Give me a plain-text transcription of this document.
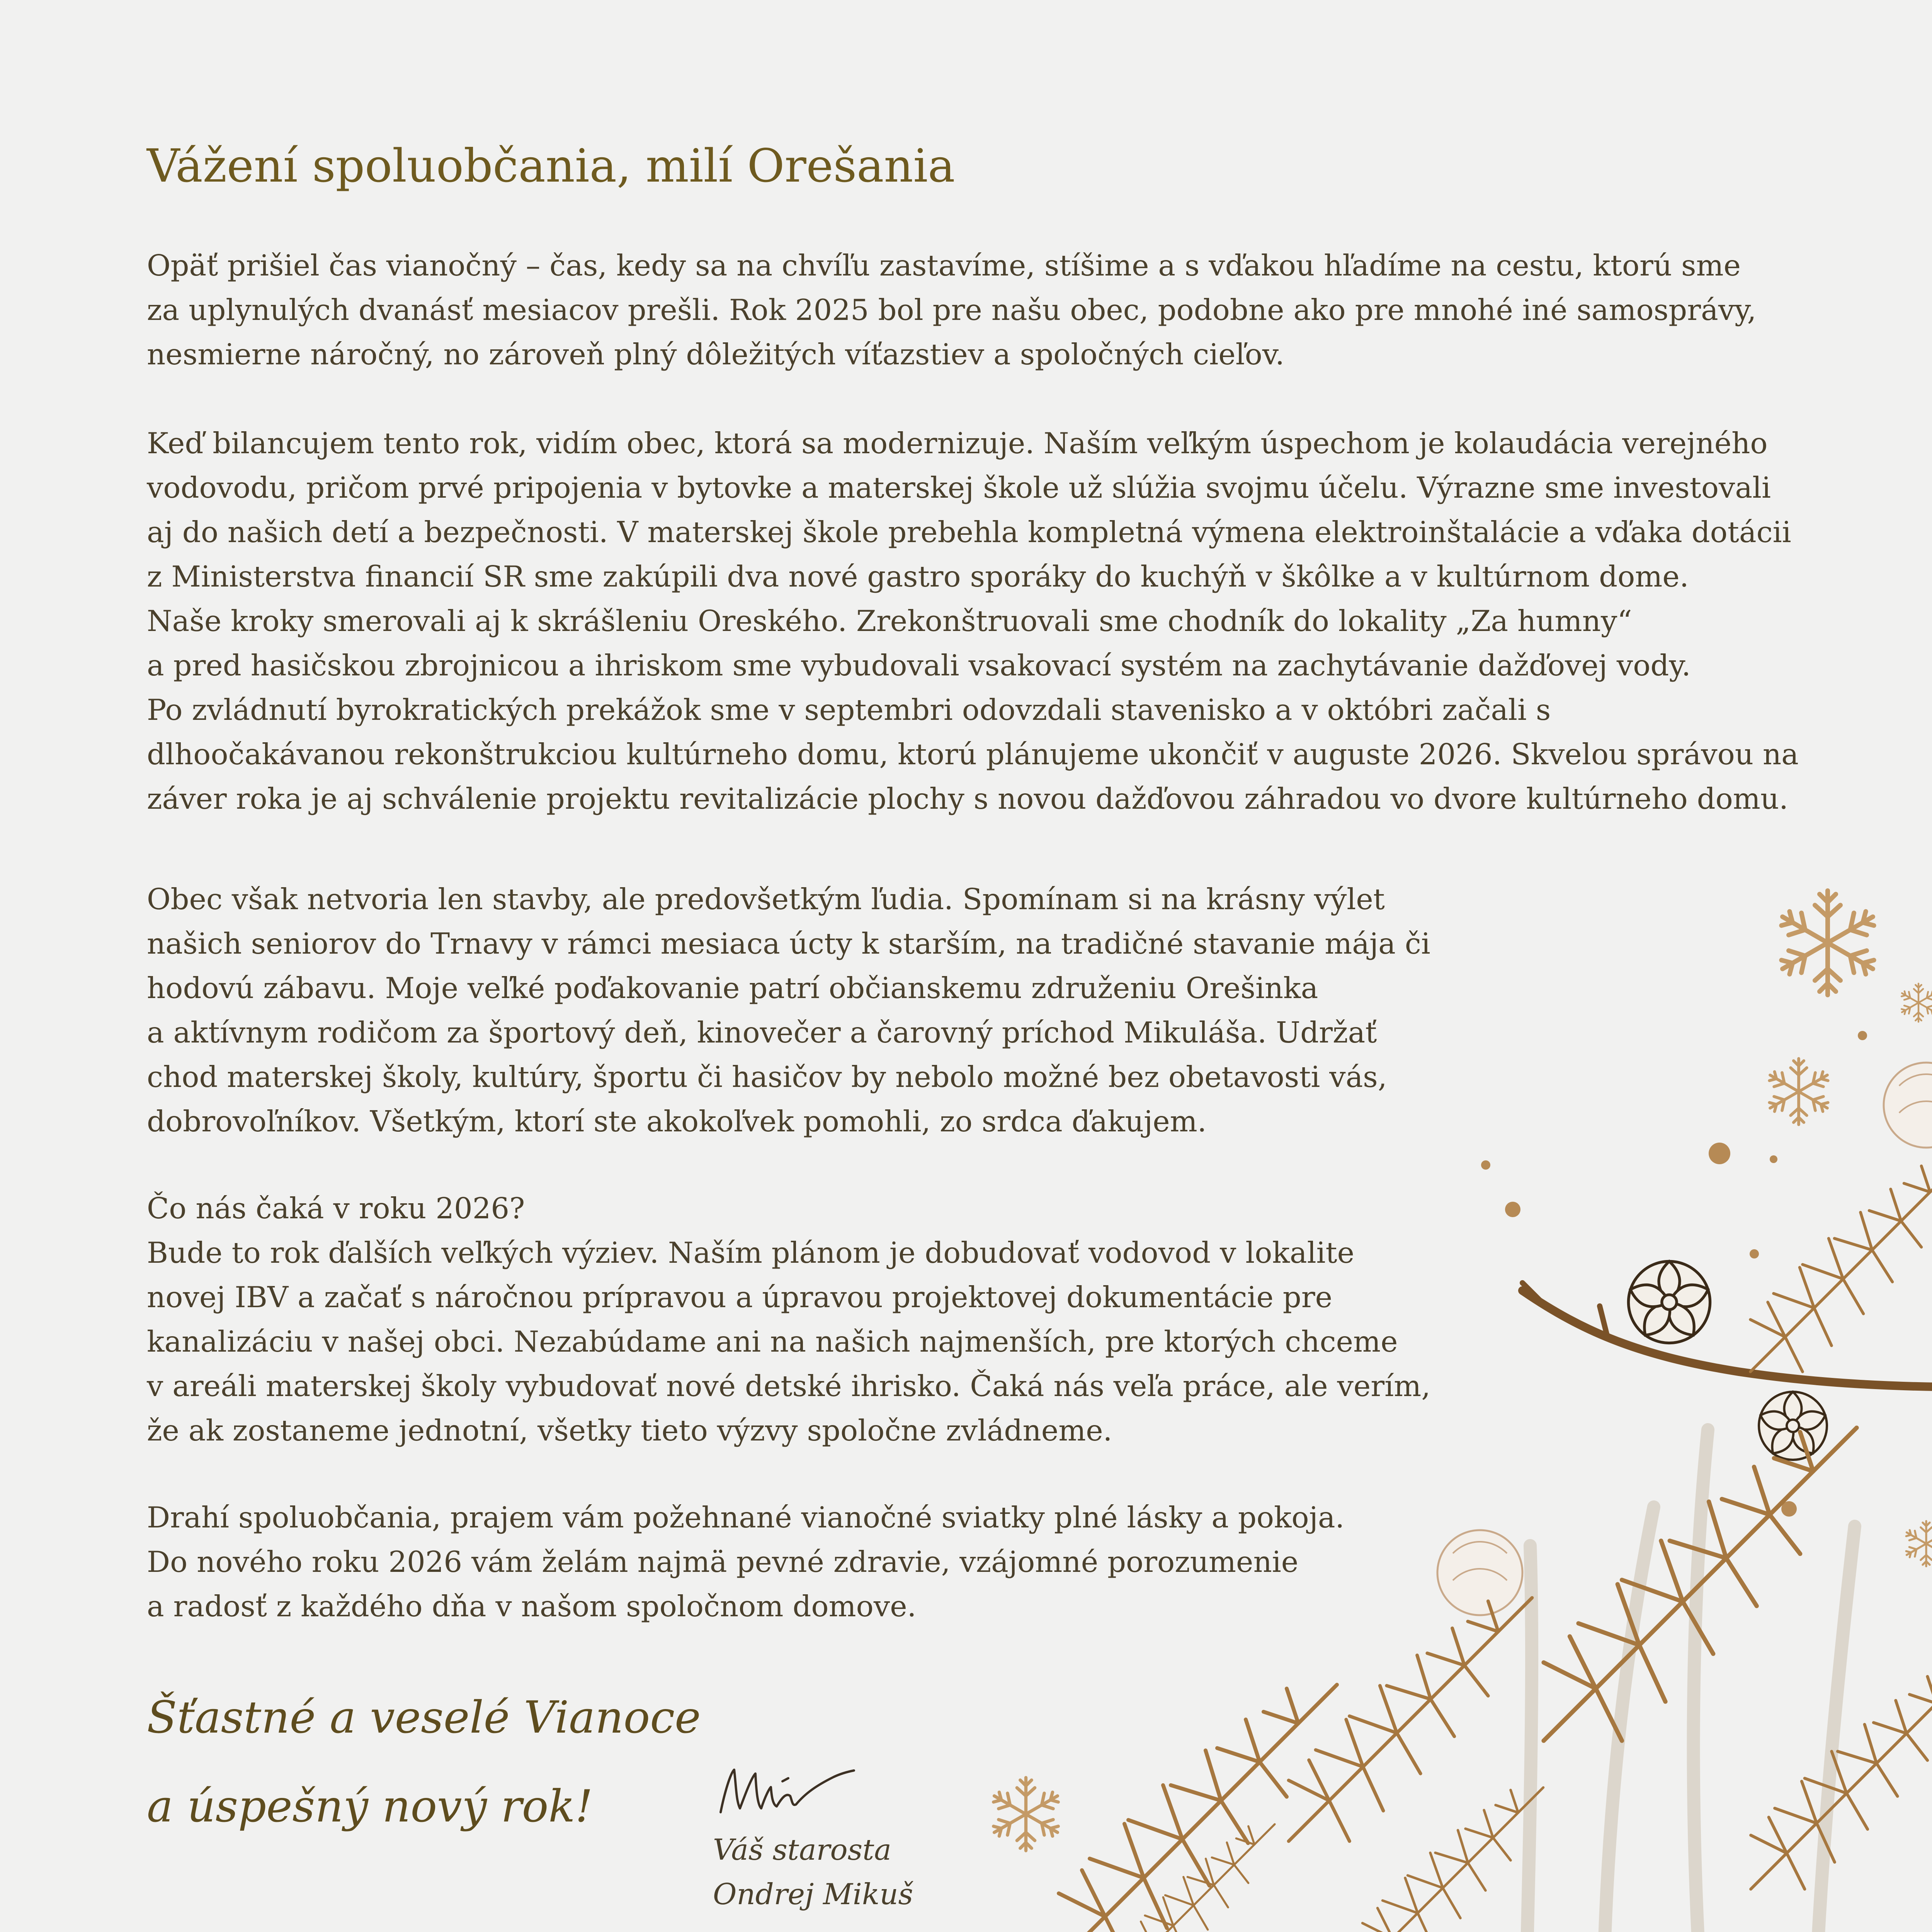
Vážení spoluobčania, milí Orešania

Opäť prišiel čas vianočný – čas, kedy sa na chvíľu zastavíme, stíšime a s vďakou hľadíme na cestu, ktorú sme
za uplynulých dvanásť mesiacov prešli. Rok 2025 bol pre našu obec, podobne ako pre mnohé iné samosprávy,
nesmierne náročný, no zároveň plný dôležitých víťazstiev a spoločných cieľov.

Keď bilancujem tento rok, vidím obec, ktorá sa modernizuje. Naším veľkým úspechom je kolaudácia verejného
vodovodu, pričom prvé pripojenia v bytovke a materskej škole už slúžia svojmu účelu. Výrazne sme investovali
aj do našich detí a bezpečnosti. V materskej škole prebehla kompletná výmena elektroinštalácie a vďaka dotácii
z Ministerstva financií SR sme zakúpili dva nové gastro sporáky do kuchýň v škôlke a v kultúrnom dome.
Naše kroky smerovali aj k skrášleniu Oreského. Zrekonštruovali sme chodník do lokality „Za humny“
a pred hasičskou zbrojnicou a ihriskom sme vybudovali vsakovací systém na zachytávanie dažďovej vody.
Po zvládnutí byrokratických prekážok sme v septembri odovzdali stavenisko a v októbri začali s
dlhoočakávanou rekonštrukciou kultúrneho domu, ktorú plánujeme ukončiť v auguste 2026. Skvelou správou na
záver roka je aj schválenie projektu revitalizácie plochy s novou dažďovou záhradou vo dvore kultúrneho domu.

Obec však netvoria len stavby, ale predovšetkým ľudia. Spomínam si na krásny výlet
našich seniorov do Trnavy v rámci mesiaca úcty k starším, na tradičné stavanie mája či
hodovú zábavu. Moje veľké poďakovanie patrí občianskemu združeniu Orešinka
a aktívnym rodičom za športový deň, kinovečer a čarovný príchod Mikuláša. Udržať
chod materskej školy, kultúry, športu či hasičov by nebolo možné bez obetavosti vás,
dobrovoľníkov. Všetkým, ktorí ste akokoľvek pomohli, zo srdca ďakujem.

Čo nás čaká v roku 2026?
Bude to rok ďalších veľkých výziev. Naším plánom je dobudovať vodovod v lokalite
novej IBV a začať s náročnou prípravou a úpravou projektovej dokumentácie pre
kanalizáciu v našej obci. Nezabúdame ani na našich najmenších, pre ktorých chceme
v areáli materskej školy vybudovať nové detské ihrisko. Čaká nás veľa práce, ale verím,
že ak zostaneme jednotní, všetky tieto výzvy spoločne zvládneme.

Drahí spoluobčania, prajem vám požehnané vianočné sviatky plné lásky a pokoja.
Do nového roku 2026 vám želám najmä pevné zdravie, vzájomné porozumenie
a radosť z každého dňa v našom spoločnom domove.

Šťastné a veselé Vianoce
a úspešný nový rok!

Váš starosta
Ondrej Mikuš
